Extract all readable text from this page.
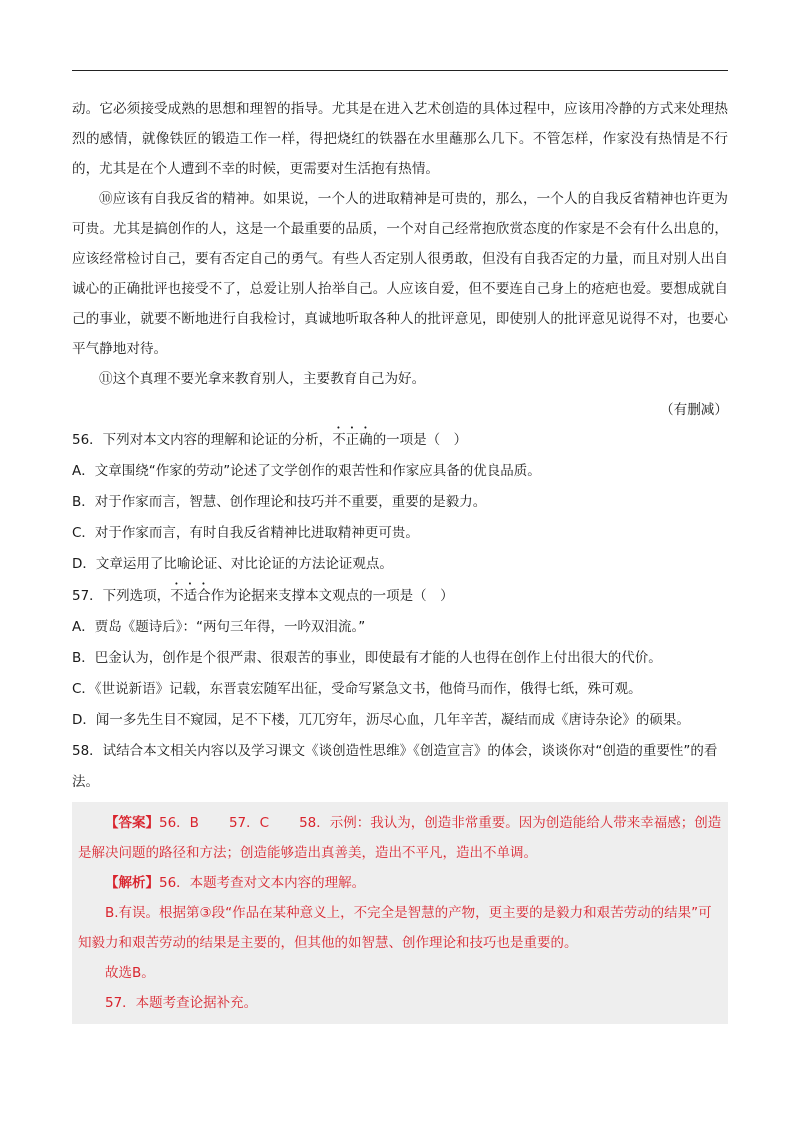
动。它必须接受成熟的思想和理智的指导。尤其是在进入艺术创造的具体过程中，应该用冷静的方式来处理热烈的感情，就像铁匠的锻造工作一样，得把烧红的铁器在水里蘸那么几下。不管怎样，作家没有热情是不行的，尤其是在个人遭到不幸的时候，更需要对生活抱有热情。

⑩应该有自我反省的精神。如果说，一个人的进取精神是可贵的，那么，一个人的自我反省精神也许更为可贵。尤其是搞创作的人，这是一个最重要的品质，一个对自己经常抱欣赏态度的作家是不会有什么出息的，应该经常检讨自己，要有否定自己的勇气。有些人否定别人很勇敢，但没有自我否定的力量，而且对别人出自诚心的正确批评也接受不了，总爱让别人抬举自己。人应该自爱，但不要连自己身上的疮疤也爱。要想成就自己的事业，就要不断地进行自我检讨，真诚地听取各种人的批评意见，即使别人的批评意见说得不对，也要心平气静地对待。

⑪这个真理不要光拿来教育别人，主要教育自己为好。

（有删减）

56．下列对本文内容的理解和论证的分析，不正确的一项是（　）

A．文章围绕“作家的劳动”论述了文学创作的艰苦性和作家应具备的优良品质。

B．对于作家而言，智慧、创作理论和技巧并不重要，重要的是毅力。

C．对于作家而言，有时自我反省精神比进取精神更可贵。

D．文章运用了比喻论证、对比论证的方法论证观点。

57．下列选项，不适合作为论据来支撑本文观点的一项是（　）

A．贾岛《题诗后》：“两句三年得，一吟双泪流。”

B．巴金认为，创作是个很严肃、很艰苦的事业，即使最有才能的人也得在创作上付出很大的代价。

C．《世说新语》记载，东晋袁宏随军出征，受命写紧急文书，他倚马而作，俄得七纸，殊可观。

D．闻一多先生目不窥园，足不下楼，兀兀穷年，沥尽心血，几年辛苦，凝结而成《唐诗杂论》的硕果。

58．试结合本文相关内容以及学习课文《谈创造性思维》《创造宣言》的体会，谈谈你对“创造的重要性”的看法。

【答案】56．B 57．C 58．示例：我认为，创造非常重要。因为创造能给人带来幸福感；创造是解决问题的路径和方法；创造能够造出真善美，造出不平凡，造出不单调。

【解析】56．本题考查对文本内容的理解。

B.有误。根据第③段“作品在某种意义上，不完全是智慧的产物，更主要的是毅力和艰苦劳动的结果”可知毅力和艰苦劳动的结果是主要的，但其他的如智慧、创作理论和技巧也是重要的。

故选B。

57．本题考查论据补充。
